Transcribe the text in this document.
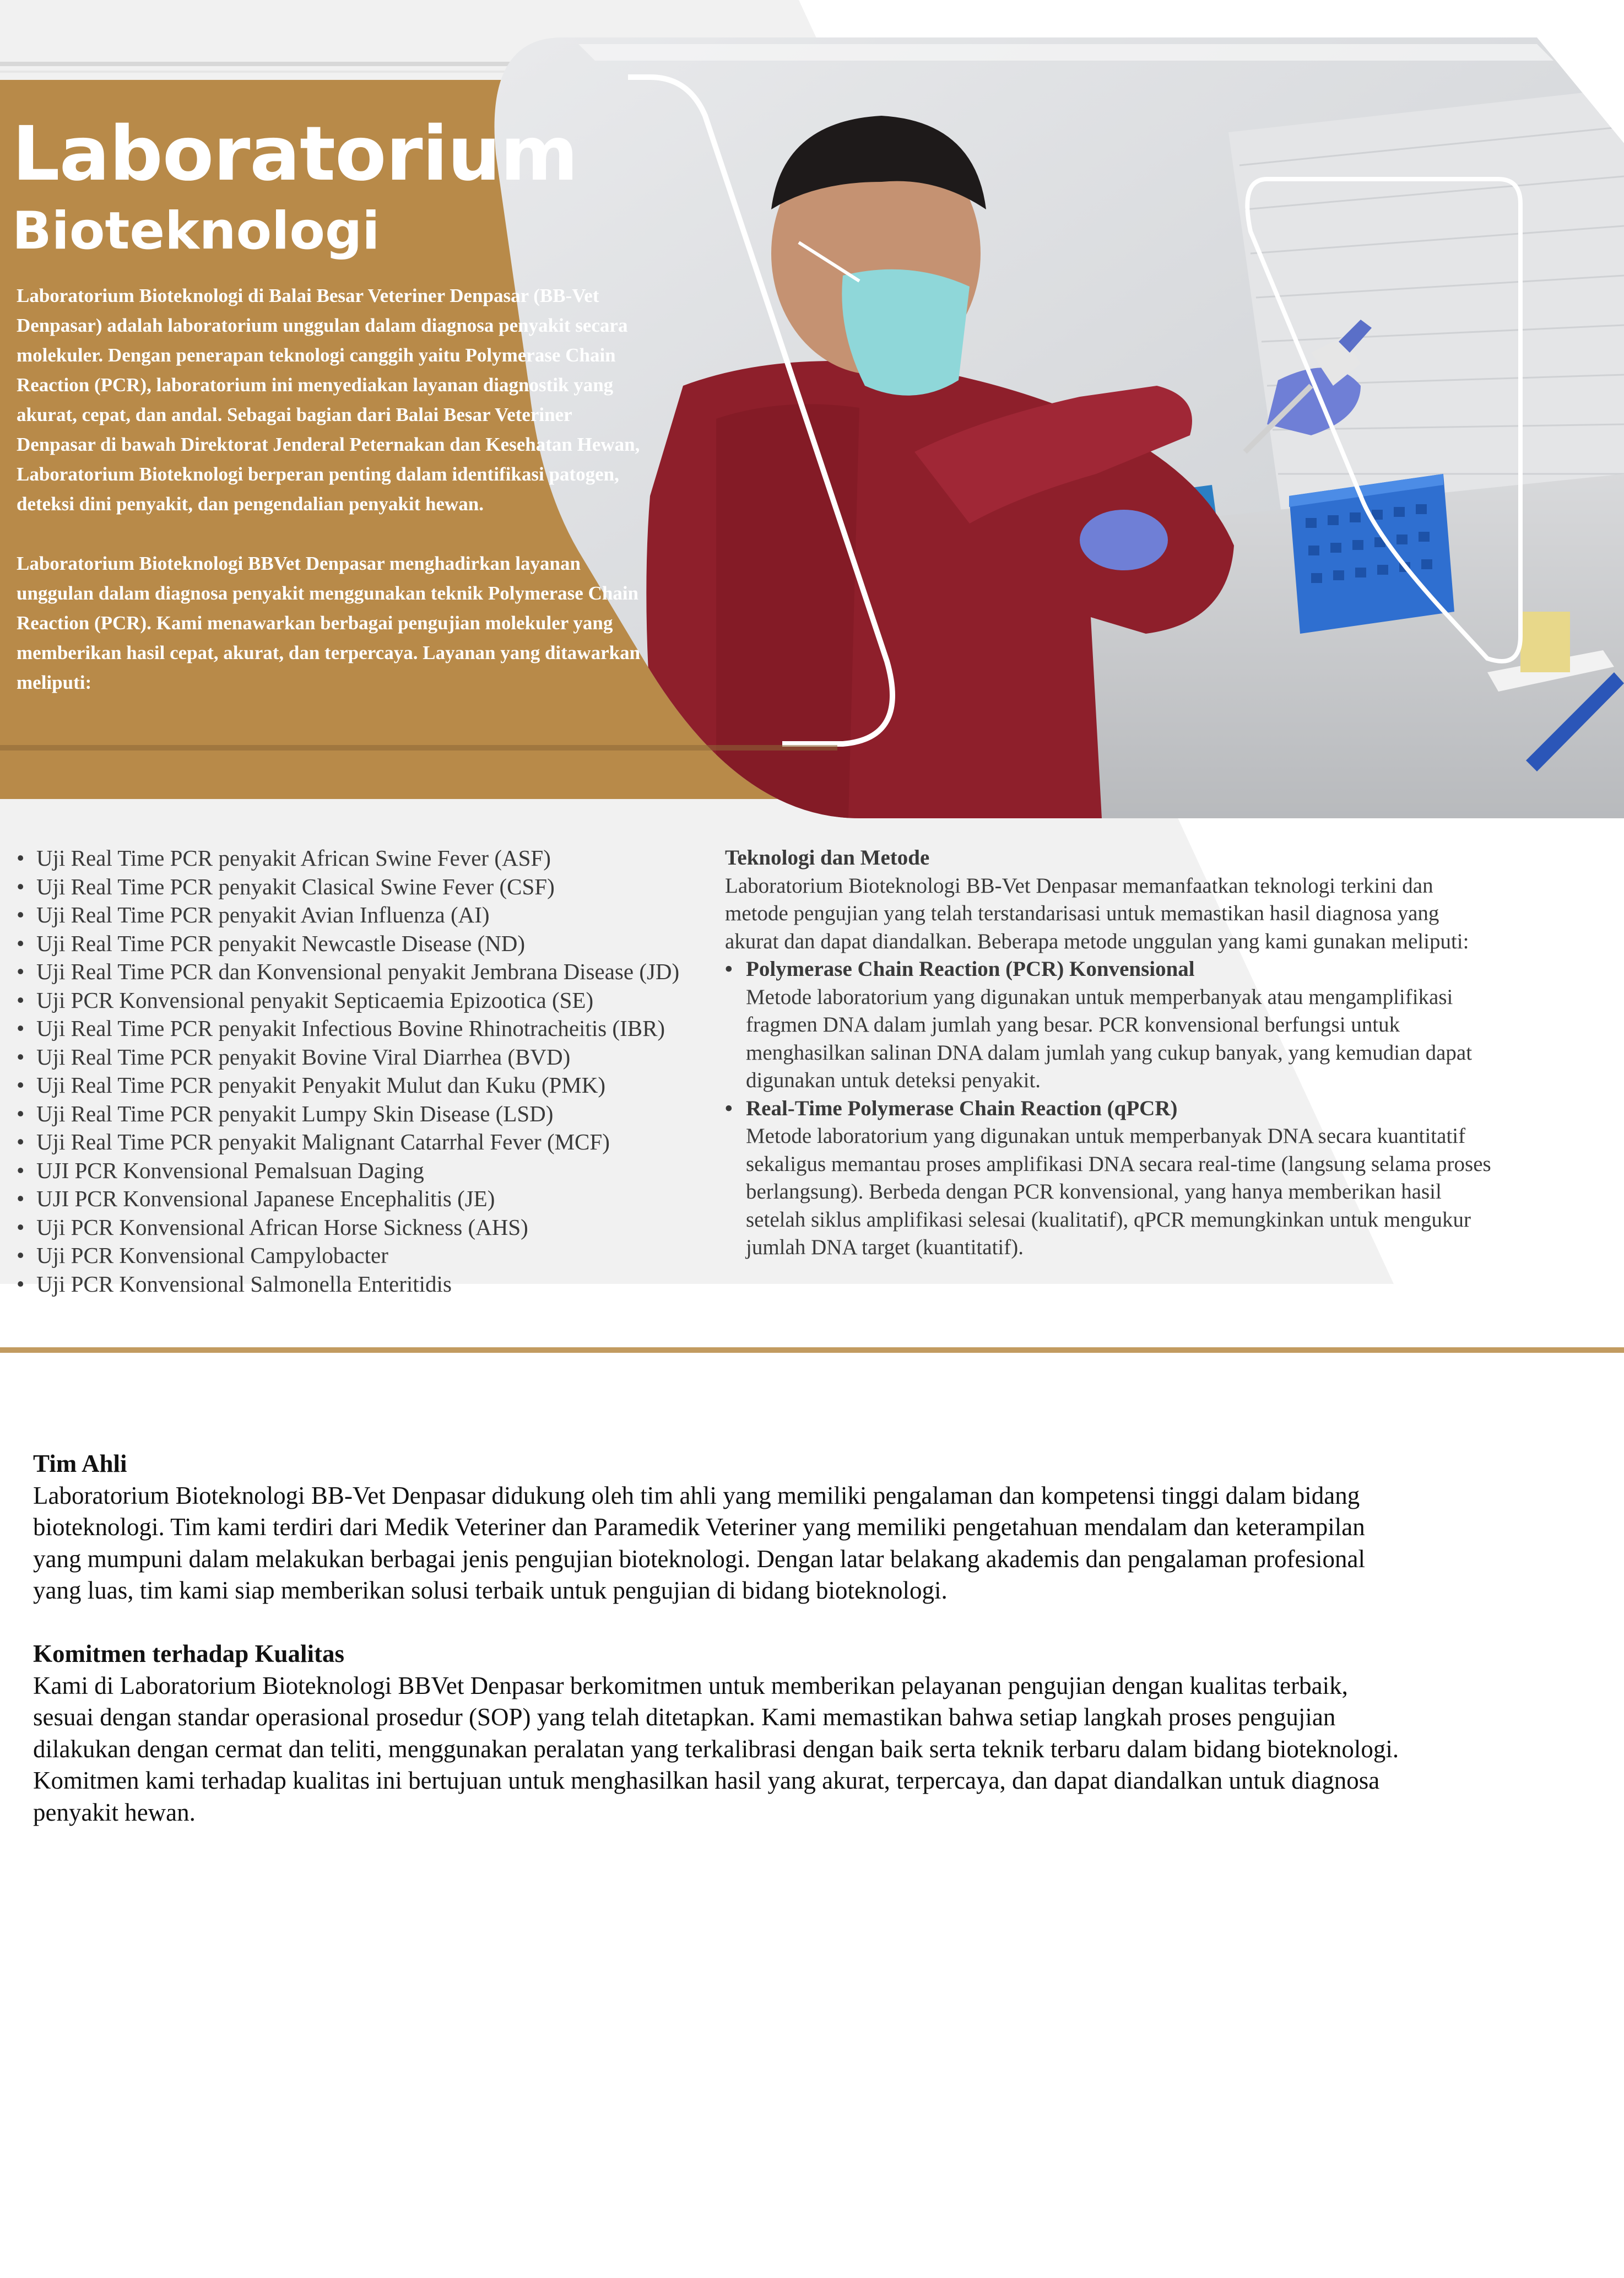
Laboratorium
Bioteknologi

Laboratorium Bioteknologi di Balai Besar Veteriner Denpasar (BB-Vet Denpasar) adalah laboratorium unggulan dalam diagnosa penyakit secara molekuler. Dengan penerapan teknologi canggih yaitu Polymerase Chain Reaction (PCR), laboratorium ini menyediakan layanan diagnostik yang akurat, cepat, dan andal. Sebagai bagian dari Balai Besar Veteriner Denpasar di bawah Direktorat Jenderal Peternakan dan Kesehatan Hewan, Laboratorium Bioteknologi berperan penting dalam identifikasi patogen, deteksi dini penyakit, dan pengendalian penyakit hewan.

Laboratorium Bioteknologi BBVet Denpasar menghadirkan layanan unggulan dalam diagnosa penyakit menggunakan teknik Polymerase Chain Reaction (PCR). Kami menawarkan berbagai pengujian molekuler yang memberikan hasil cepat, akurat, dan terpercaya. Layanan yang ditawarkan meliputi:

• Uji Real Time PCR penyakit African Swine Fever (ASF)
• Uji Real Time PCR penyakit Clasical Swine Fever (CSF)
• Uji Real Time PCR penyakit Avian Influenza (AI)
• Uji Real Time PCR penyakit Newcastle Disease (ND)
• Uji Real Time PCR dan Konvensional penyakit Jembrana Disease (JD)
• Uji PCR Konvensional penyakit Septicaemia Epizootica (SE)
• Uji Real Time PCR penyakit Infectious Bovine Rhinotracheitis (IBR)
• Uji Real Time PCR penyakit Bovine Viral Diarrhea (BVD)
• Uji Real Time PCR penyakit Penyakit Mulut dan Kuku (PMK)
• Uji Real Time PCR penyakit Lumpy Skin Disease (LSD)
• Uji Real Time PCR penyakit Malignant Catarrhal Fever (MCF)
• UJI PCR Konvensional Pemalsuan Daging
• UJI PCR Konvensional Japanese Encephalitis (JE)
• Uji PCR Konvensional African Horse Sickness (AHS)
• Uji PCR Konvensional Campylobacter
• Uji PCR Konvensional Salmonella Enteritidis
Teknologi dan Metode

Laboratorium Bioteknologi BB-Vet Denpasar memanfaatkan teknologi terkini dan metode pengujian yang telah terstandarisasi untuk memastikan hasil diagnosa yang akurat dan dapat diandalkan. Beberapa metode unggulan yang kami gunakan meliputi:

• Polymerase Chain Reaction (PCR) Konvensional

Metode laboratorium yang digunakan untuk memperbanyak atau mengamplifikasi fragmen DNA dalam jumlah yang besar. PCR konvensional berfungsi untuk menghasilkan salinan DNA dalam jumlah yang cukup banyak, yang kemudian dapat digunakan untuk deteksi penyakit.

• Real-Time Polymerase Chain Reaction (qPCR)

Metode laboratorium yang digunakan untuk memperbanyak DNA secara kuantitatif sekaligus memantau proses amplifikasi DNA secara real-time (langsung selama proses berlangsung). Berbeda dengan PCR konvensional, yang hanya memberikan hasil setelah siklus amplifikasi selesai (kualitatif), qPCR memungkinkan untuk mengukur jumlah DNA target (kuantitatif).

Tim Ahli

Laboratorium Bioteknologi BB-Vet Denpasar didukung oleh tim ahli yang memiliki pengalaman dan kompetensi tinggi dalam bidang bioteknologi. Tim kami terdiri dari Medik Veteriner dan Paramedik Veteriner yang memiliki pengetahuan mendalam dan keterampilan yang mumpuni dalam melakukan berbagai jenis pengujian bioteknologi. Dengan latar belakang akademis dan pengalaman profesional yang luas, tim kami siap memberikan solusi terbaik untuk pengujian di bidang bioteknologi.

Komitmen terhadap Kualitas

Kami di Laboratorium Bioteknologi BBVet Denpasar berkomitmen untuk memberikan pelayanan pengujian dengan kualitas terbaik, sesuai dengan standar operasional prosedur (SOP) yang telah ditetapkan. Kami memastikan bahwa setiap langkah proses pengujian dilakukan dengan cermat dan teliti, menggunakan peralatan yang terkalibrasi dengan baik serta teknik terbaru dalam bidang bioteknologi. Komitmen kami terhadap kualitas ini bertujuan untuk menghasilkan hasil yang akurat, terpercaya, dan dapat diandalkan untuk diagnosa penyakit hewan.
